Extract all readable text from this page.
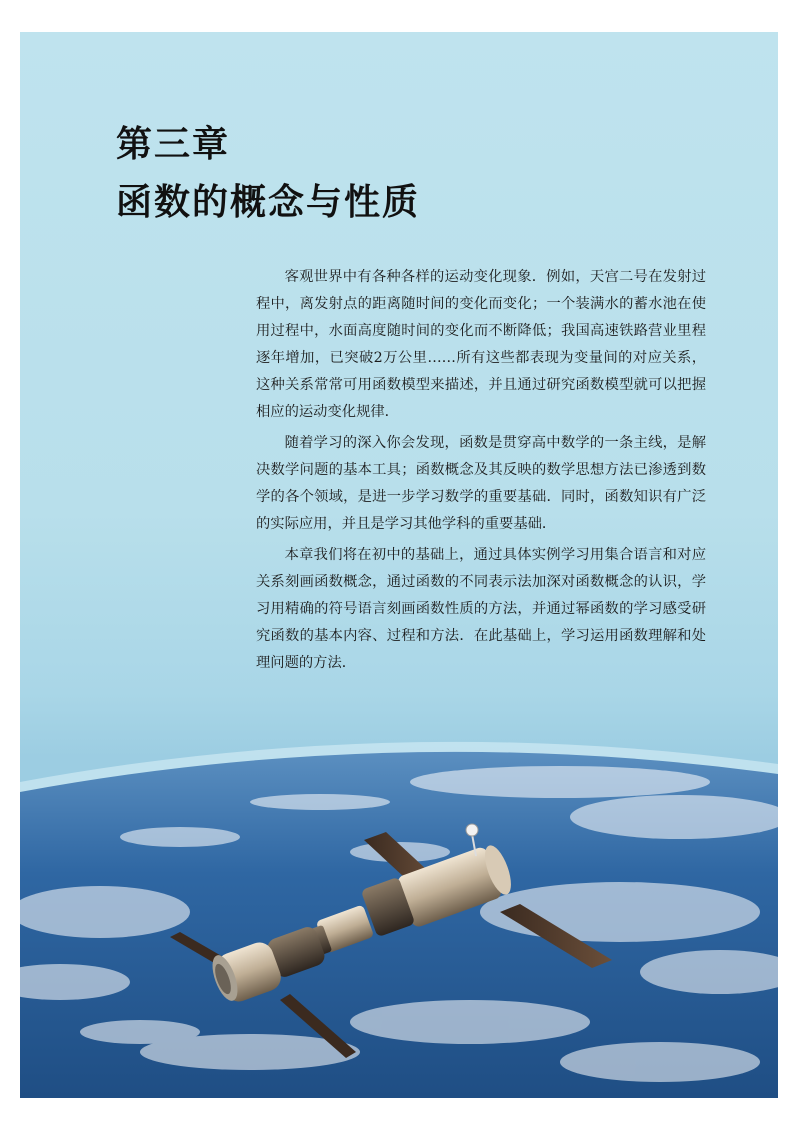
第三章
函数的概念与性质

客观世界中有各种各样的运动变化现象．例如，天宫二号在发射过程中，离发射点的距离随时间的变化而变化；一个装满水的蓄水池在使用过程中，水面高度随时间的变化而不断降低；我国高速铁路营业里程逐年增加，已突破2万公里……所有这些都表现为变量间的对应关系，这种关系常常可用函数模型来描述，并且通过研究函数模型就可以把握相应的运动变化规律．

随着学习的深入你会发现，函数是贯穿高中数学的一条主线，是解决数学问题的基本工具；函数概念及其反映的数学思想方法已渗透到数学的各个领域，是进一步学习数学的重要基础．同时，函数知识有广泛的实际应用，并且是学习其他学科的重要基础．

本章我们将在初中的基础上，通过具体实例学习用集合语言和对应关系刻画函数概念，通过函数的不同表示法加深对函数概念的认识，学习用精确的符号语言刻画函数性质的方法，并通过幂函数的学习感受研究函数的基本内容、过程和方法．在此基础上，学习运用函数理解和处理问题的方法．
